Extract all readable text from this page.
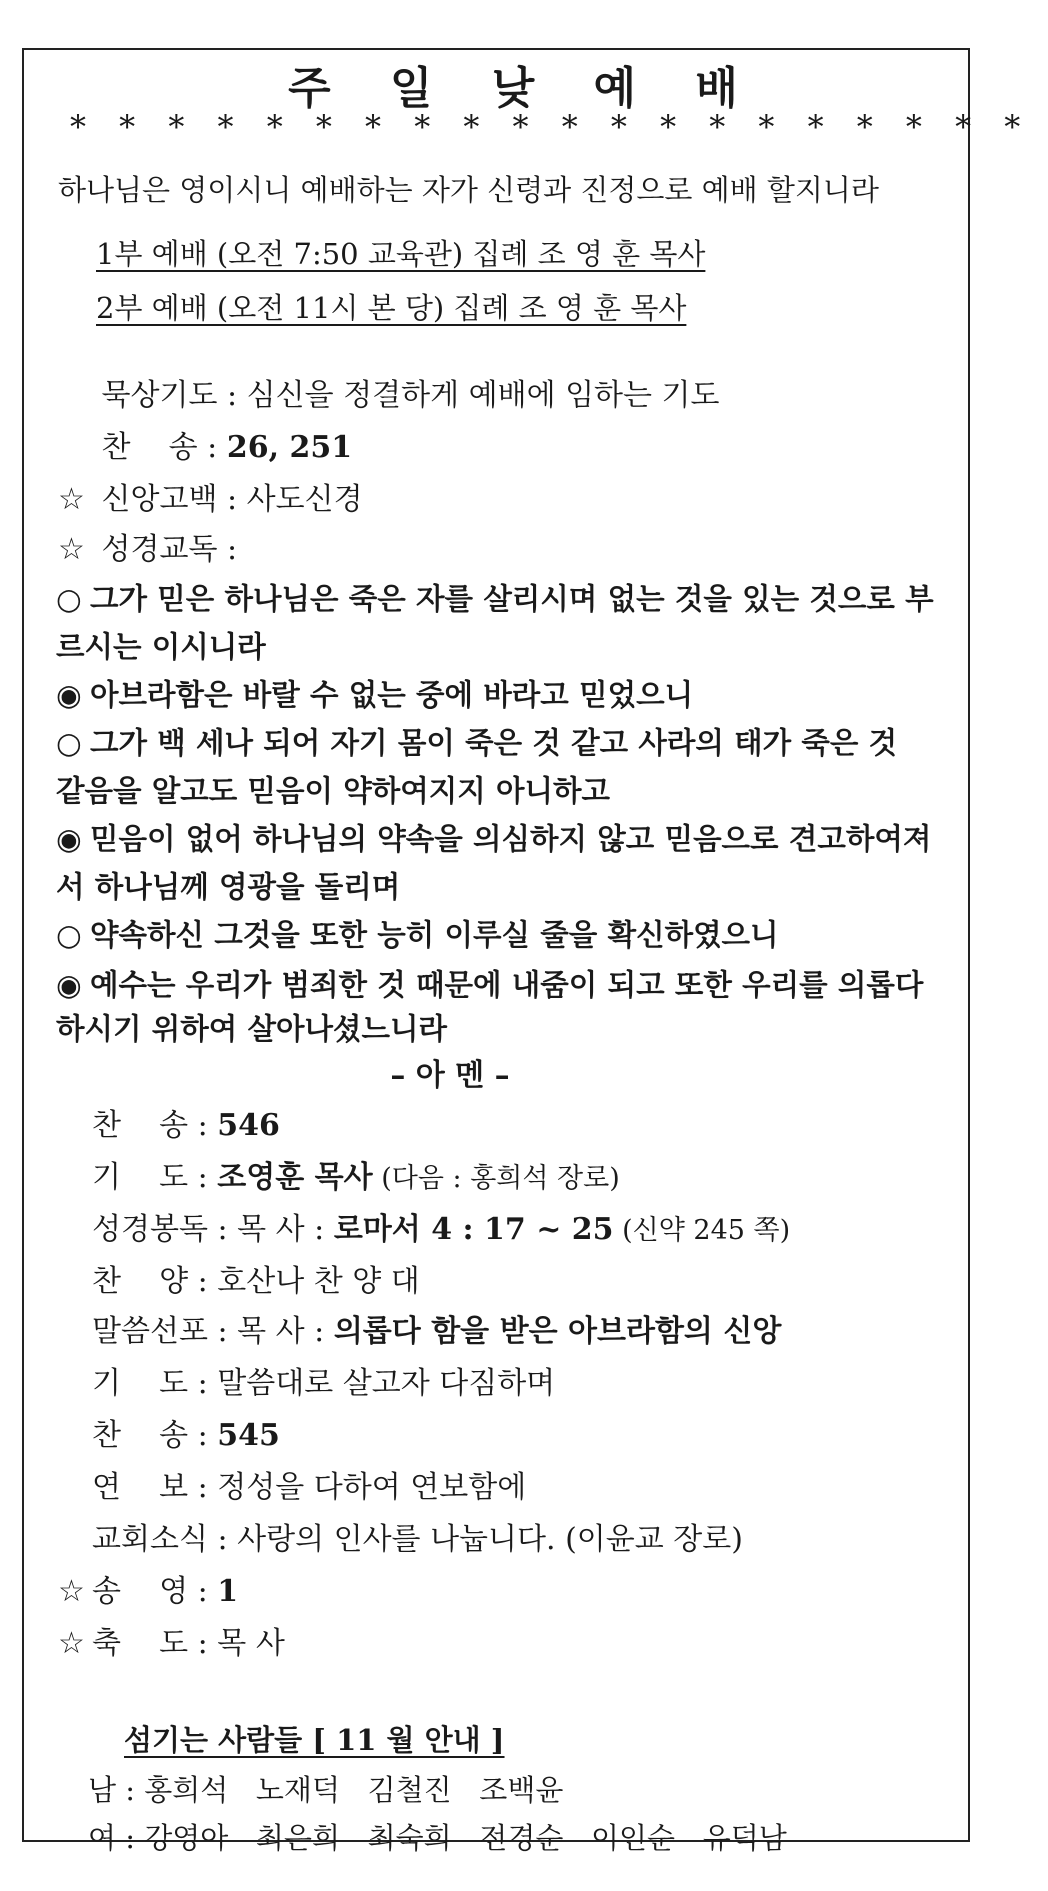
주 일 낮 예 배
* * * * * * * * * * * * * * * * * * * *
하나님은 영이시니 예배하는 자가 신령과 진정으로 예배 할지니라
1부 예배 (오전 7:50 교육관) 집례 조 영 훈 목사
2부 예배 (오전 11시 본 당) 집례 조 영 훈 목사
묵상기도 : 심신을 정결하게 예배에 임하는 기도
찬    송 : 26, 251
☆ 신앙고백 : 사도신경
☆ 성경교독 :
○ 그가 믿은 하나님은 죽은 자를 살리시며 없는 것을 있는 것으로 부
르시는 이시니라
◉ 아브라함은 바랄 수 없는 중에 바라고 믿었으니
○ 그가 백 세나 되어 자기 몸이 죽은 것 같고 사라의 태가 죽은 것
같음을 알고도 믿음이 약하여지지 아니하고
◉ 믿음이 없어 하나님의 약속을 의심하지 않고 믿음으로 견고하여져
서 하나님께 영광을 돌리며
○ 약속하신 그것을 또한 능히 이루실 줄을 확신하였으니
◉ 예수는 우리가 범죄한 것 때문에 내줌이 되고 또한 우리를 의롭다
하시기 위하여 살아나셨느니라
– 아 멘 –
찬    송 : 546
기    도 : 조영훈 목사 (다음 : 홍희석 장로)
성경봉독 : 목 사 : 로마서 4 : 17 ~ 25 (신약 245 쪽)
찬    양 : 호산나 찬 양 대
말씀선포 : 목 사 : 의롭다 함을 받은 아브라함의 신앙
기    도 : 말씀대로 살고자 다짐하며
찬    송 : 545
연    보 : 정성을 다하여 연보함에
교회소식 : 사랑의 인사를 나눕니다. (이윤교 장로)
☆ 송    영 : 1
☆ 축    도 : 목 사
섬기는 사람들 [ 11 월 안내 ]
남 : 홍희석   노재덕   김철진   조백윤
여 : 강영아   최은희   최숙희   전경순   이인순   유덕남
